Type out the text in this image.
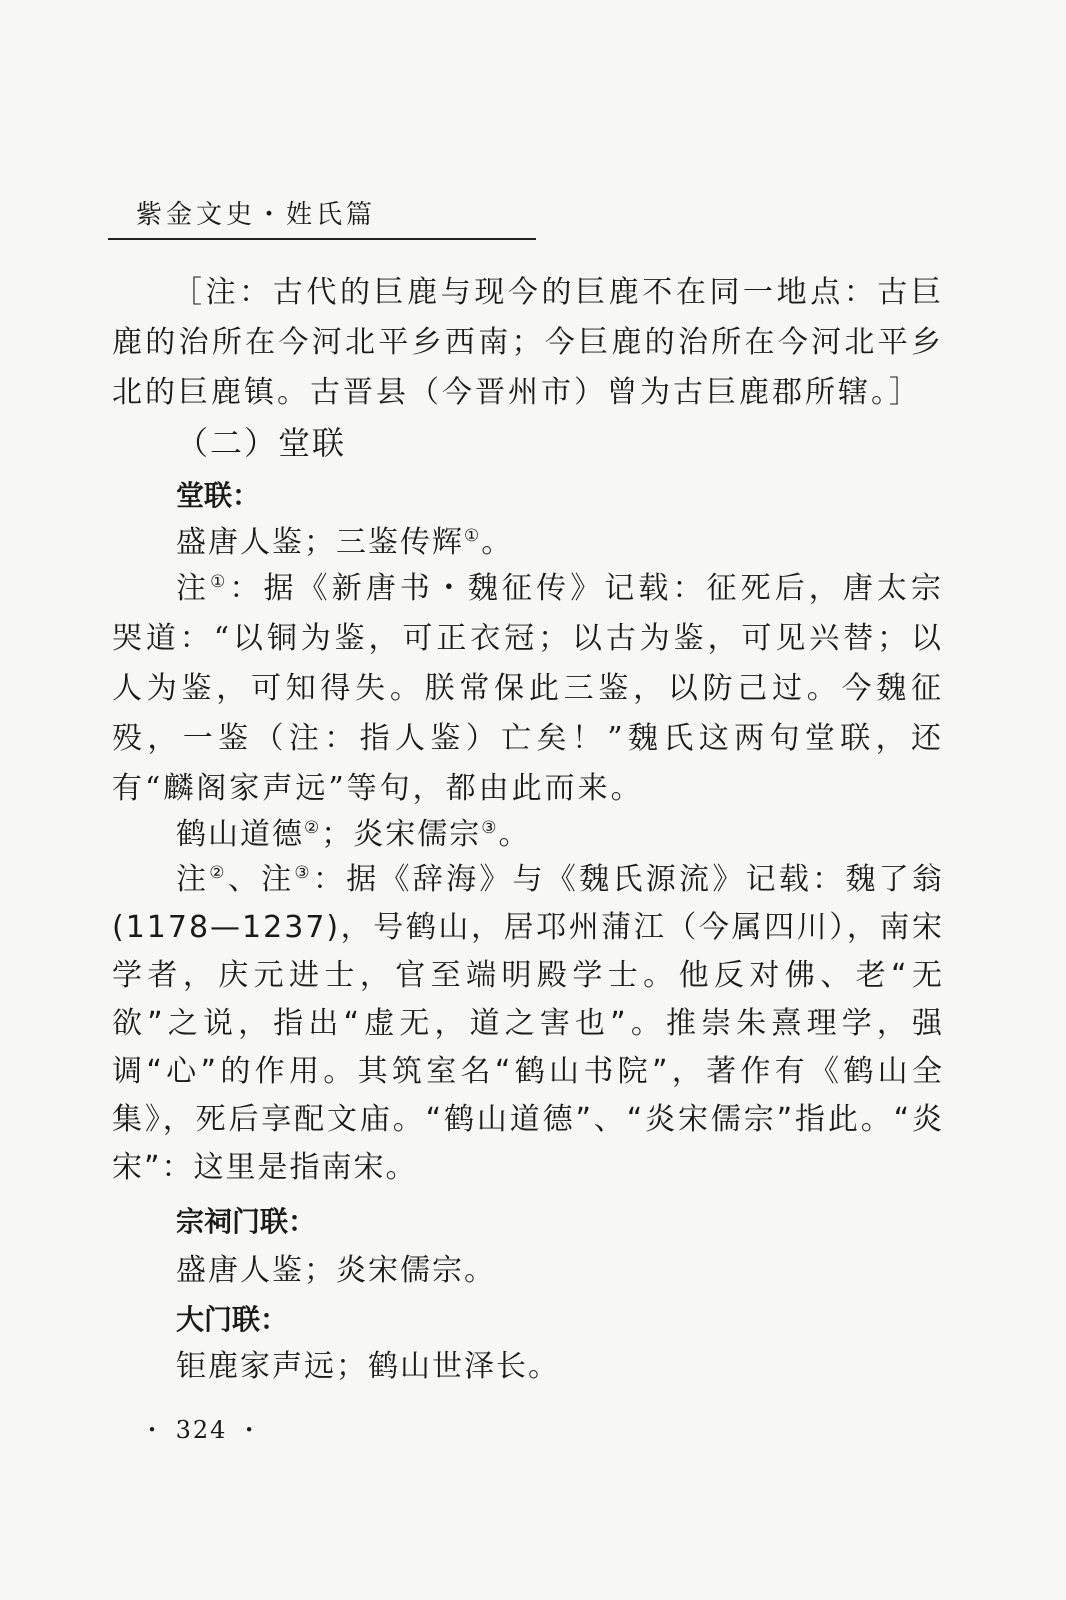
紫金文史・姓氏篇

［注：古代的巨鹿与现今的巨鹿不在同一地点：古巨鹿的治所在今河北平乡西南；今巨鹿的治所在今河北平乡北的巨鹿镇。古晋县（今晋州市）曾为古巨鹿郡所辖。］

（二）堂联
堂联：
盛唐人鉴；三鉴传辉①。

注①：据《新唐书・魏征传》记载：征死后，唐太宗哭道：“以铜为鉴，可正衣冠；以古为鉴，可见兴替；以人为鉴，可知得失。朕常保此三鉴，以防己过。今魏征殁，一鉴（注：指人鉴）亡矣！”魏氏这两句堂联，还有“麟阁家声远”等句，都由此而来。

鹤山道德②；炎宋儒宗③。

注②、注③：据《辞海》与《魏氏源流》记载：魏了翁(1178—1237)，号鹤山，居邛州蒲江（今属四川），南宋学者，庆元进士，官至端明殿学士。他反对佛、老“无欲”之说，指出“虚无，道之害也”。推崇朱熹理学，强调“心”的作用。其筑室名“鹤山书院”，著作有《鹤山全集》，死后享配文庙。“鹤山道德”、“炎宋儒宗”指此。“炎宋”：这里是指南宋。

宗祠门联：
盛唐人鉴；炎宋儒宗。
大门联：
钜鹿家声远；鹤山世泽长。
・ 324 ・
